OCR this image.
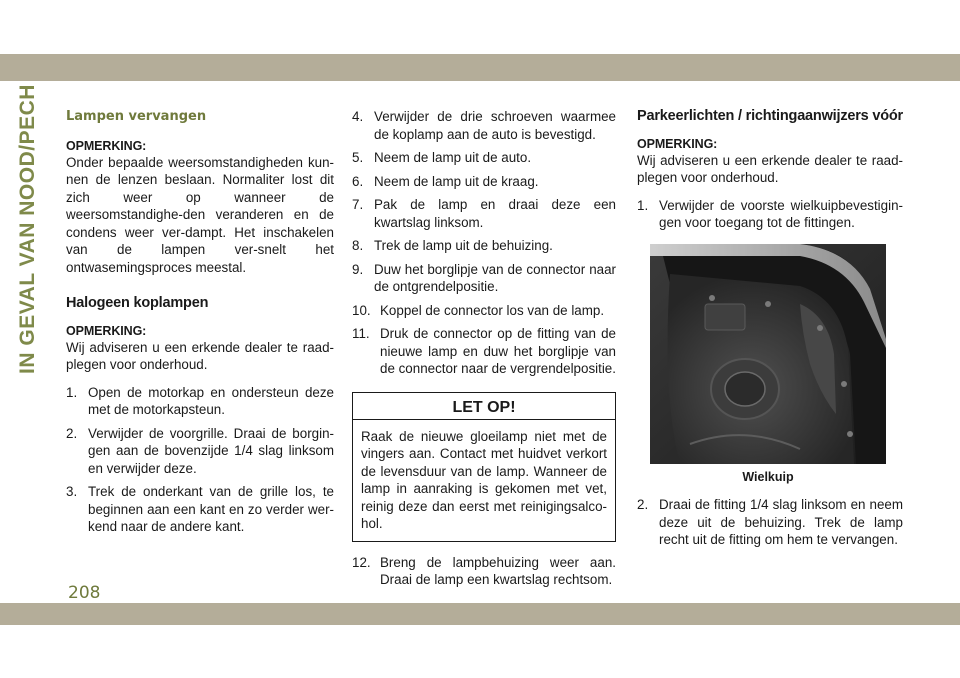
IN GEVAL VAN NOOD/PECH
208
Lampen vervangen
OPMERKING:
Onder bepaalde weersomstandigheden kun-nen de lenzen beslaan. Normaliter lost dit zich weer op wanneer de weersomstandighe-den veranderen en de condens weer ver-dampt. Het inschakelen van de lampen ver-snelt het ontwasemingsproces meestal.
Halogeen koplampen
OPMERKING:
Wij adviseren u een erkende dealer te raad-plegen voor onderhoud.
1. Open de motorkap en ondersteun deze met de motorkapsteun.
2. Verwijder de voorgrille. Draai de borgin-gen aan de bovenzijde 1/4 slag linksom en verwijder deze.
3. Trek de onderkant van de grille los, te beginnen aan een kant en zo verder wer-kend naar de andere kant.
4. Verwijder de drie schroeven waarmee de koplamp aan de auto is bevestigd.
5. Neem de lamp uit de auto.
6. Neem de lamp uit de kraag.
7. Pak de lamp en draai deze een kwartslag linksom.
8. Trek de lamp uit de behuizing.
9. Duw het borglipje van de connector naar de ontgrendelpositie.
10. Koppel de connector los van de lamp.
11. Druk de connector op de fitting van de nieuwe lamp en duw het borglipje van de connector naar de vergrendelpositie.
LET OP!
Raak de nieuwe gloeilamp niet met de vingers aan. Contact met huidvet verkort de levensduur van de lamp. Wanneer de lamp in aanraking is gekomen met vet, reinig deze dan eerst met reinigingsalco-hol.
12. Breng de lampbehuizing weer aan. Draai de lamp een kwartslag rechtsom.
Parkeerlichten / richtingaanwijzers vóór
OPMERKING:
Wij adviseren u een erkende dealer te raad-plegen voor onderhoud.
1. Verwijder de voorste wielkuipbevestigin-gen voor toegang tot de fittingen.
Wielkuip
2. Draai de fitting 1/4 slag linksom en neem deze uit de behuizing. Trek de lamp recht uit de fitting om hem te vervangen.
